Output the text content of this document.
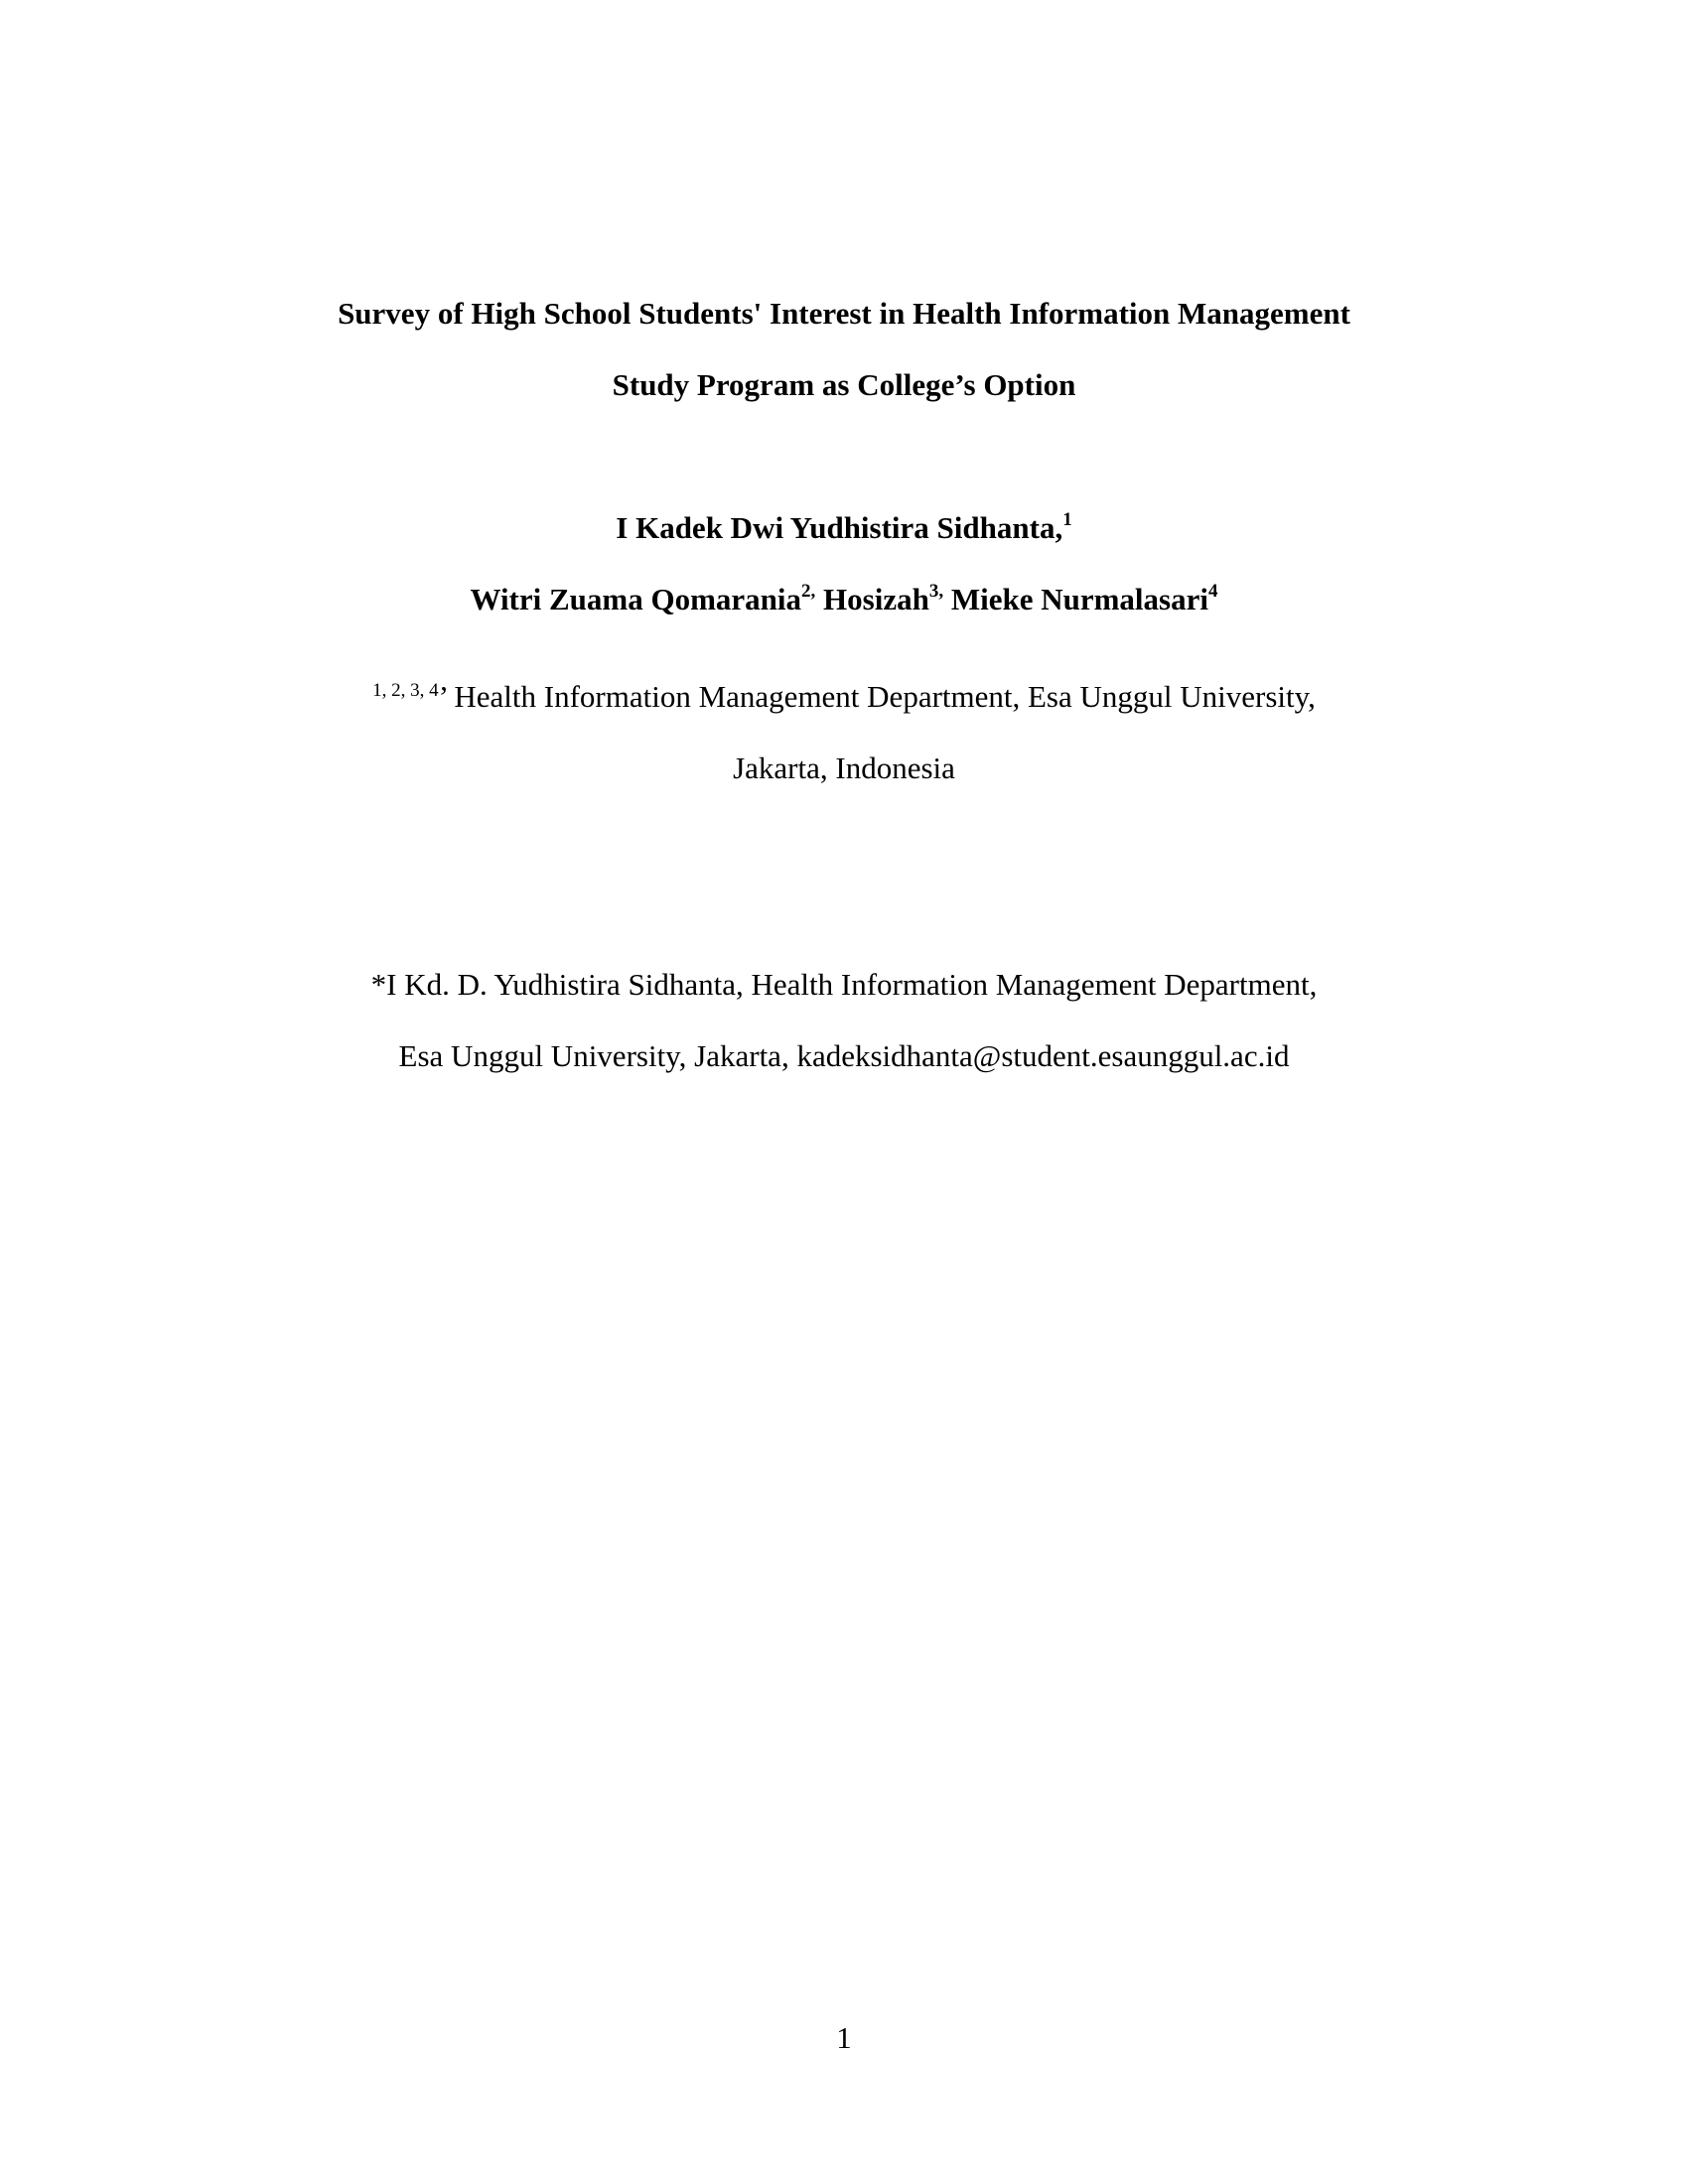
Survey of High School Students' Interest in Health Information Management
Study Program as College’s Option
I Kadek Dwi Yudhistira Sidhanta,$^1$
Witri Zuama Qomarania$^{2,}$ Hosizah$^{3,}$ Mieke Nurmalasari$^4$
$^{1, 2, 3, 4}$’ Health Information Management Department, Esa Unggul University,
Jakarta, Indonesia
*I Kd. D. Yudhistira Sidhanta, Health Information Management Department,
Esa Unggul University, Jakarta, kadeksidhanta@student.esaunggul.ac.id
1
